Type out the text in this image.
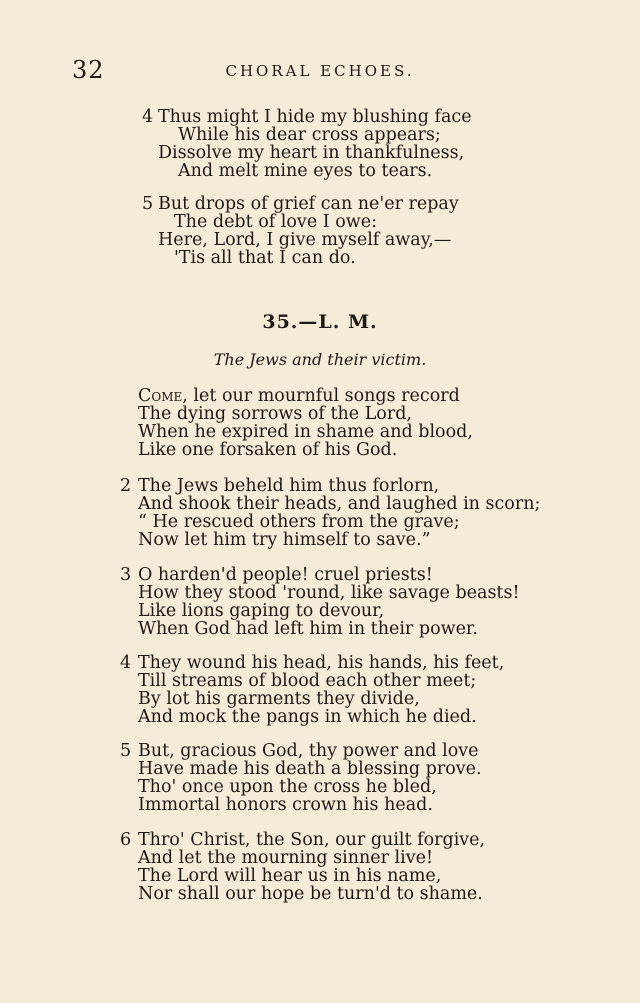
32	CHORAL ECHOES.
4 Thus might I hide my blushing face
While his dear cross appears;
Dissolve my heart in thankfulness,
And melt mine eyes to tears.
5 But drops of grief can ne'er repay
The debt of love I owe:
Here, Lord, I give myself away,—
'Tis all that I can do.
35.—L. M.
The Jews and their victim.
Come, let our mournful songs record
The dying sorrows of the Lord,
When he expired in shame and blood,
Like one forsaken of his God.
2 The Jews beheld him thus forlorn,
And shook their heads, and laughed in scorn;
“ He rescued others from the grave;
Now let him try himself to save.”
3 O harden'd people! cruel priests!
How they stood 'round, like savage beasts!
Like lions gaping to devour,
When God had left him in their power.
4 They wound his head, his hands, his feet,
Till streams of blood each other meet;
By lot his garments they divide,
And mock the pangs in which he died.
5 But, gracious God, thy power and love
Have made his death a blessing prove.
Tho' once upon the cross he bled,
Immortal honors crown his head.
6 Thro' Christ, the Son, our guilt forgive,
And let the mourning sinner live!
The Lord will hear us in his name,
Nor shall our hope be turn'd to shame.
